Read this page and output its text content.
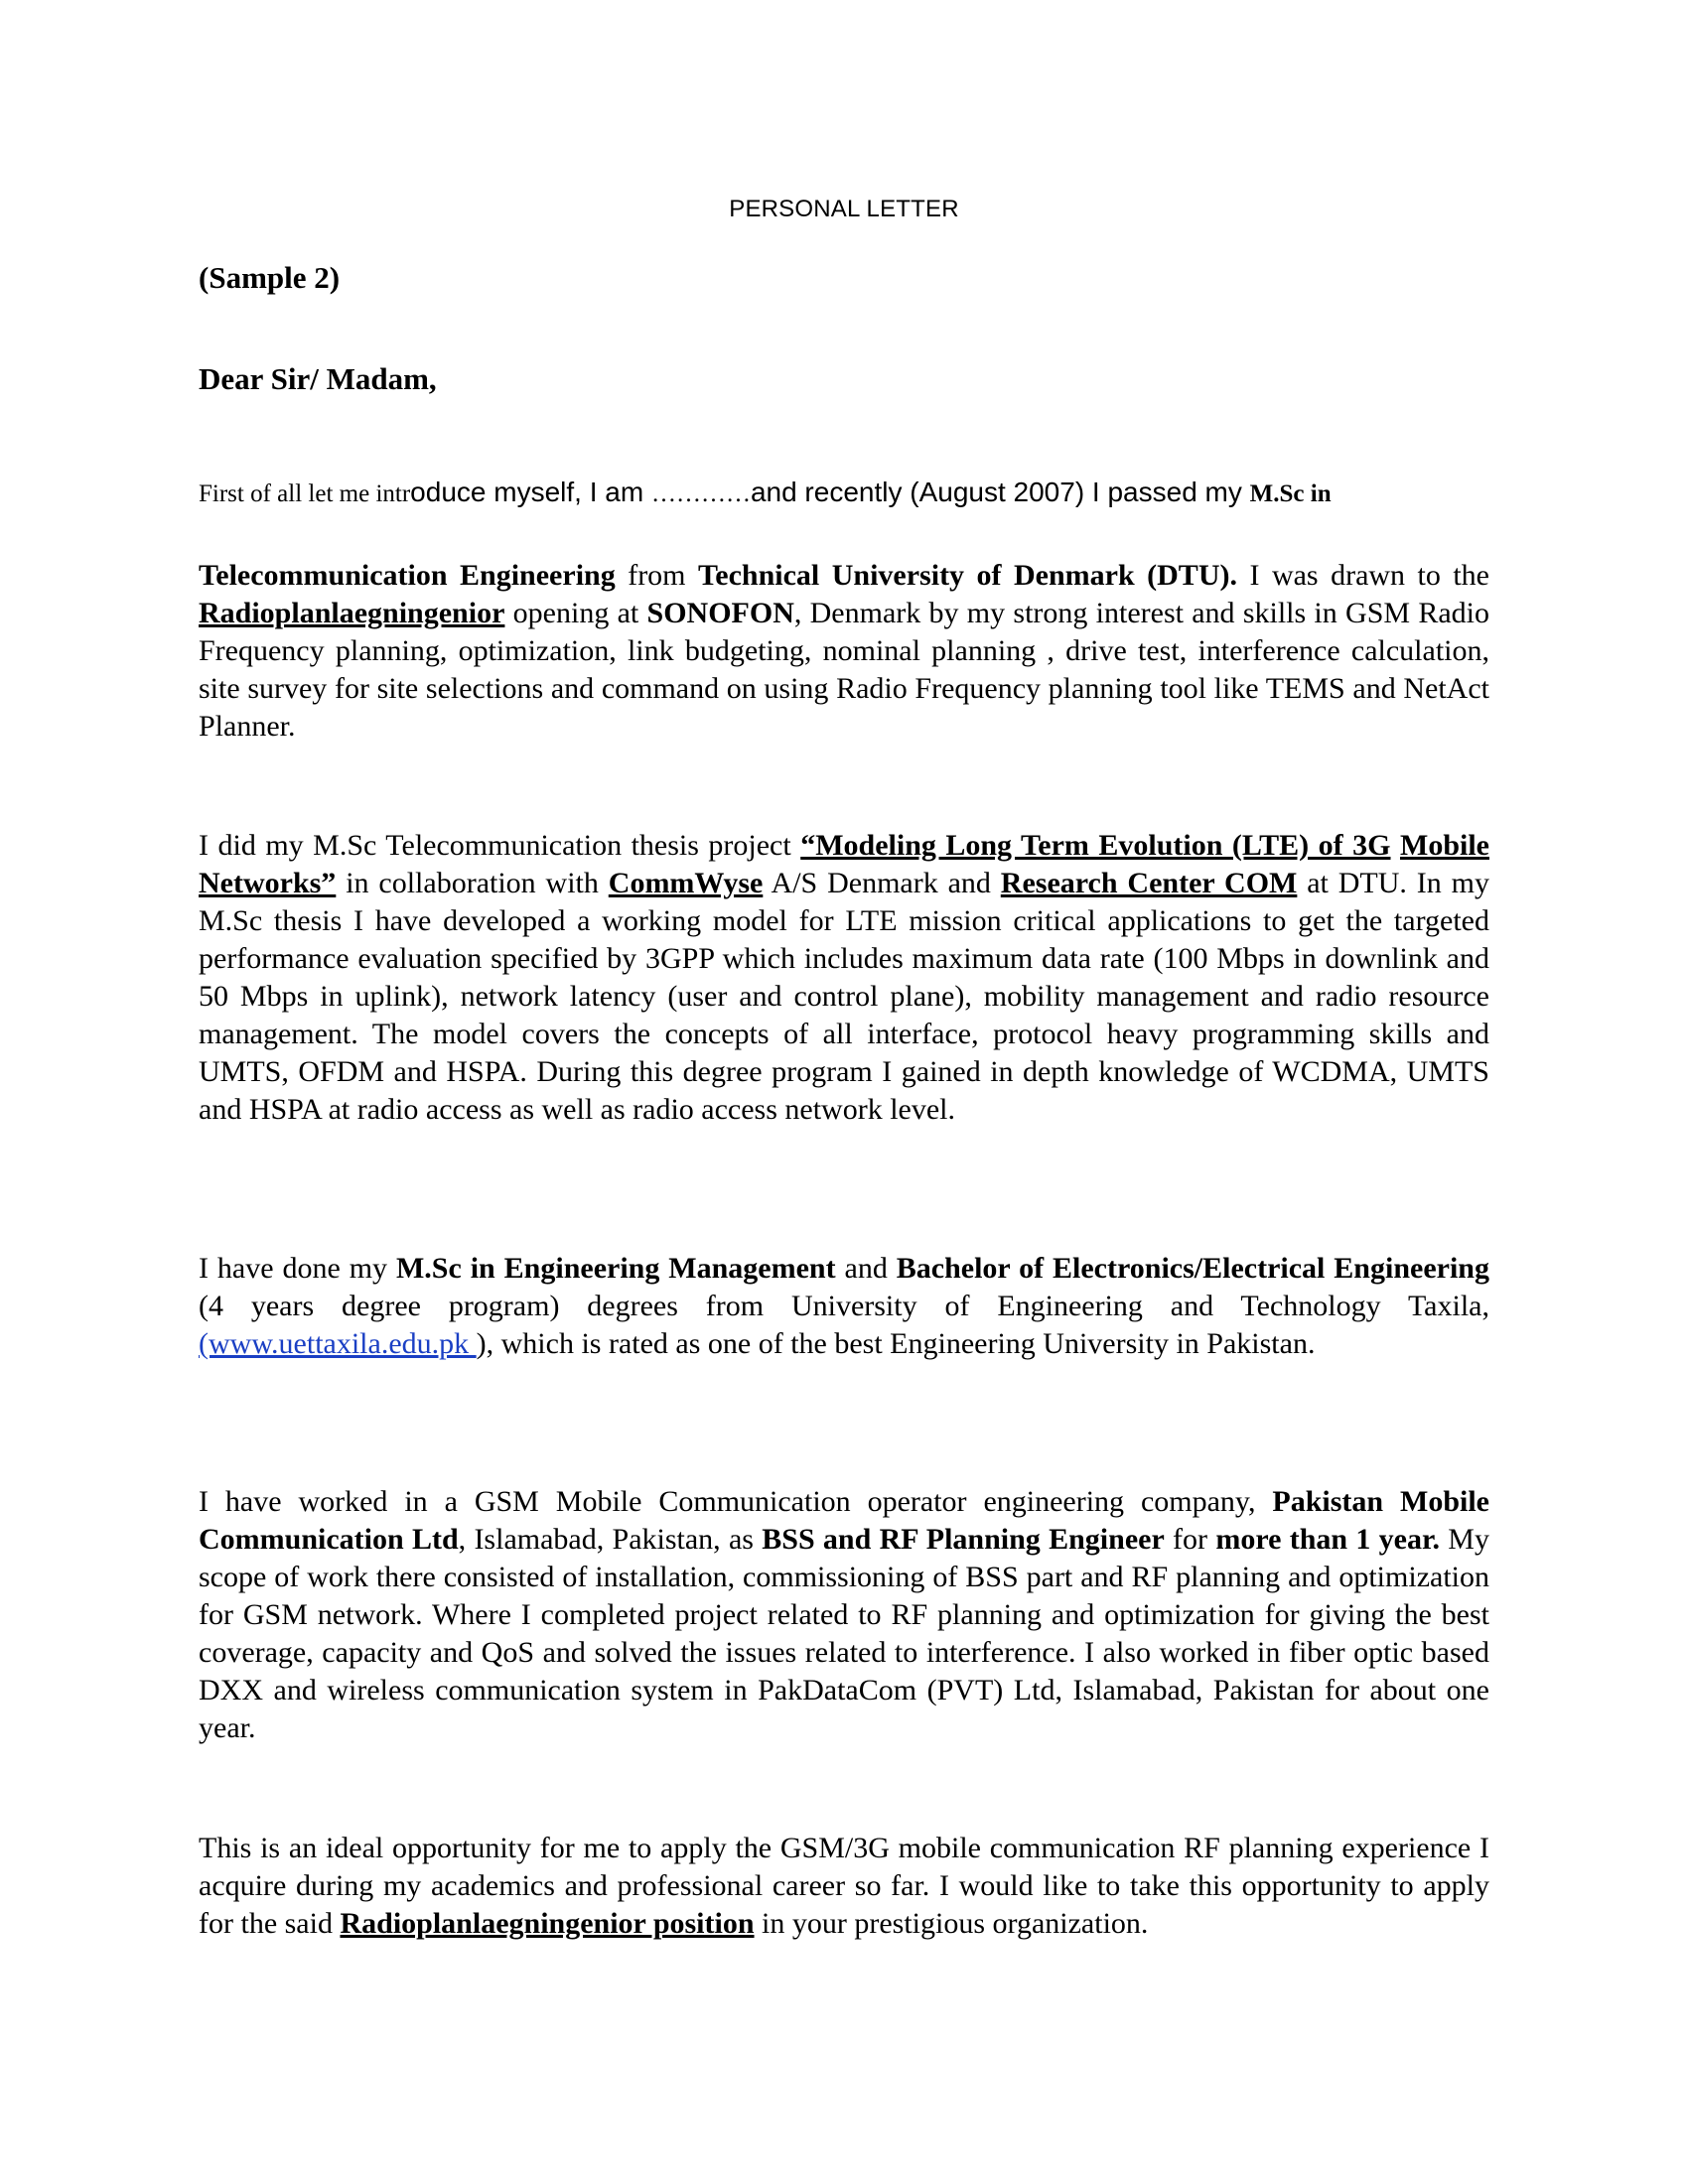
PERSONAL LETTER
(Sample 2)
Dear Sir/ Madam,
First of all let me introduce myself, I am …………and recently (August 2007) I passed my M.Sc in
Telecommunication Engineering from Technical University of Denmark (DTU). I was drawn to the Radioplanlaegningenior opening at SONOFON, Denmark by my strong interest and skills in GSM Radio Frequency planning, optimization, link budgeting, nominal planning , drive test, interference calculation, site survey for site selections and command on using Radio Frequency planning tool like TEMS and NetAct Planner.
I did my M.Sc Telecommunication thesis project “Modeling Long Term Evolution (LTE) of 3G Mobile Networks” in collaboration with CommWyse A/S Denmark and Research Center COM at DTU. In my M.Sc thesis I have developed a working model for LTE mission critical applications to get the targeted performance evaluation specified by 3GPP which includes maximum data rate (100 Mbps in downlink and 50 Mbps in uplink), network latency (user and control plane), mobility management and radio resource management. The model covers the concepts of all interface, protocol heavy programming skills and UMTS, OFDM and HSPA. During this degree program I gained in depth knowledge of WCDMA, UMTS and HSPA at radio access as well as radio access network level.
I have done my M.Sc in Engineering Management and Bachelor of Electronics/Electrical Engineering (4 years degree program) degrees from University of Engineering and Technology Taxila, (www.uettaxila.edu.pk ), which is rated as one of the best Engineering University in Pakistan.
I have worked in a GSM Mobile Communication operator engineering company, Pakistan Mobile Communication Ltd, Islamabad, Pakistan, as BSS and RF Planning Engineer for more than 1 year. My scope of work there consisted of installation, commissioning of BSS part and RF planning and optimization for GSM network. Where I completed project related to RF planning and optimization for giving the best coverage, capacity and QoS and solved the issues related to interference. I also worked in fiber optic based DXX and wireless communication system in PakDataCom (PVT) Ltd, Islamabad, Pakistan for about one year.
This is an ideal opportunity for me to apply the GSM/3G mobile communication RF planning experience I acquire during my academics and professional career so far. I would like to take this opportunity to apply for the said Radioplanlaegningenior position in your prestigious organization.
